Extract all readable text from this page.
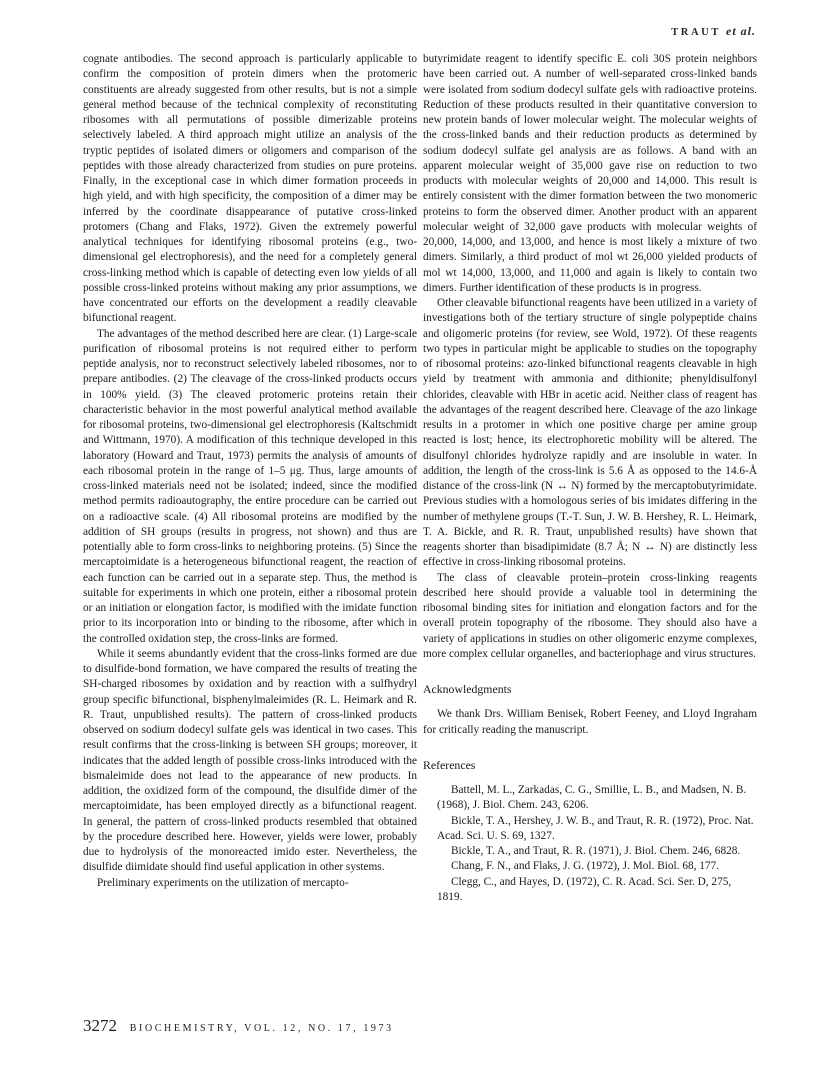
TRAUT et al.

cognate antibodies. The second approach is particularly applicable to confirm the composition of protein dimers when the protomeric constituents are already suggested from other results, but is not a simple general method because of the technical complexity of reconstituting ribosomes with all permutations of possible dimerizable proteins selectively labeled. A third approach might utilize an analysis of the tryptic peptides of isolated dimers or oligomers and comparison of the peptides with those already characterized from studies on pure proteins. Finally, in the exceptional case in which dimer formation proceeds in high yield, and with high specificity, the composition of a dimer may be inferred by the coordinate disappearance of putative cross-linked protomers (Chang and Flaks, 1972). Given the extremely powerful analytical techniques for identifying ribosomal proteins (e.g., two-dimensional gel electrophoresis), and the need for a completely general cross-linking method which is capable of detecting even low yields of all possible cross-linked proteins without making any prior assumptions, we have concentrated our efforts on the development a readily cleavable bifunctional reagent.

The advantages of the method described here are clear. (1) Large-scale purification of ribosomal proteins is not required either to perform peptide analysis, nor to reconstruct selectively labeled ribosomes, nor to prepare antibodies. (2) The cleavage of the cross-linked products occurs in 100% yield. (3) The cleaved protomeric proteins retain their characteristic behavior in the most powerful analytical method available for ribosomal proteins, two-dimensional gel electrophoresis (Kaltschmidt and Wittmann, 1970). A modification of this technique developed in this laboratory (Howard and Traut, 1973) permits the analysis of amounts of each ribosomal protein in the range of 1–5 μg. Thus, large amounts of cross-linked materials need not be isolated; indeed, since the modified method permits radioautography, the entire procedure can be carried out on a radioactive scale. (4) All ribosomal proteins are modified by the addition of SH groups (results in progress, not shown) and thus are potentially able to form cross-links to neighboring proteins. (5) Since the mercaptoimidate is a heterogeneous bifunctional reagent, the reaction of each function can be carried out in a separate step. Thus, the method is suitable for experiments in which one protein, either a ribosomal protein or an initiation or elongation factor, is modified with the imidate function prior to its incorporation into or binding to the ribosome, after which in the controlled oxidation step, the cross-links are formed.

While it seems abundantly evident that the cross-links formed are due to disulfide-bond formation, we have compared the results of treating the SH-charged ribosomes by oxidation and by reaction with a sulfhydryl group specific bifunctional, bisphenylmaleimides (R. L. Heimark and R. R. Traut, unpublished results). The pattern of cross-linked products observed on sodium dodecyl sulfate gels was identical in two cases. This result confirms that the cross-linking is between SH groups; moreover, it indicates that the added length of possible cross-links introduced with the bismaleimide does not lead to the appearance of new products. In addition, the oxidized form of the compound, the disulfide dimer of the mercaptoimidate, has been employed directly as a bifunctional reagent. In general, the pattern of cross-linked products resembled that obtained by the procedure described here. However, yields were lower, probably due to hydrolysis of the monoreacted imido ester. Nevertheless, the disulfide diimidate should find useful application in other systems.

Preliminary experiments on the utilization of mercapto-

butyrimidate reagent to identify specific E. coli 30S protein neighbors have been carried out. A number of well-separated cross-linked bands were isolated from sodium dodecyl sulfate gels with radioactive proteins. Reduction of these products resulted in their quantitative conversion to new protein bands of lower molecular weight. The molecular weights of the cross-linked bands and their reduction products as determined by sodium dodecyl sulfate gel analysis are as follows. A band with an apparent molecular weight of 35,000 gave rise on reduction to two products with molecular weights of 20,000 and 14,000. This result is entirely consistent with the dimer formation between the two monomeric proteins to form the observed dimer. Another product with an apparent molecular weight of 32,000 gave products with molecular weights of 20,000, 14,000, and 13,000, and hence is most likely a mixture of two dimers. Similarly, a third product of mol wt 26,000 yielded products of mol wt 14,000, 13,000, and 11,000 and again is likely to contain two dimers. Further identification of these products is in progress.

Other cleavable bifunctional reagents have been utilized in a variety of investigations both of the tertiary structure of single polypeptide chains and oligomeric proteins (for review, see Wold, 1972). Of these reagents two types in particular might be applicable to studies on the topography of ribosomal proteins: azo-linked bifunctional reagents cleavable in high yield by treatment with ammonia and dithionite; phenyldisulfonyl chlorides, cleavable with HBr in acetic acid. Neither class of reagent has the advantages of the reagent described here. Cleavage of the azo linkage results in a protomer in which one positive charge per amine group reacted is lost; hence, its electrophoretic mobility will be altered. The disulfonyl chlorides hydrolyze rapidly and are insoluble in water. In addition, the length of the cross-link is 5.6 Å as opposed to the 14.6-Å distance of the cross-link (N ↔ N) formed by the mercaptobutyrimidate. Previous studies with a homologous series of bis imidates differing in the number of methylene groups (T.-T. Sun, J. W. B. Hershey, R. L. Heimark, T. A. Bickle, and R. R. Traut, unpublished results) have shown that reagents shorter than bisadipimidate (8.7 Å; N ↔ N) are distinctly less effective in cross-linking ribosomal proteins.

The class of cleavable protein–protein cross-linking reagents described here should provide a valuable tool in determining the ribosomal binding sites for initiation and elongation factors and for the overall protein topography of the ribosome. They should also have a variety of applications in studies on other oligomeric enzyme complexes, more complex cellular organelles, and bacteriophage and virus structures.

Acknowledgments

We thank Drs. William Benisek, Robert Feeney, and Lloyd Ingraham for critically reading the manuscript.

References

Battell, M. L., Zarkadas, C. G., Smillie, L. B., and Madsen, N. B. (1968), J. Biol. Chem. 243, 6206.

Bickle, T. A., Hershey, J. W. B., and Traut, R. R. (1972), Proc. Nat. Acad. Sci. U. S. 69, 1327.

Bickle, T. A., and Traut, R. R. (1971), J. Biol. Chem. 246, 6828.

Chang, F. N., and Flaks, J. G. (1972), J. Mol. Biol. 68, 177.

Clegg, C., and Hayes, D. (1972), C. R. Acad. Sci. Ser. D, 275, 1819.

3272 BIOCHEMISTRY, VOL. 12, NO. 17, 1973
